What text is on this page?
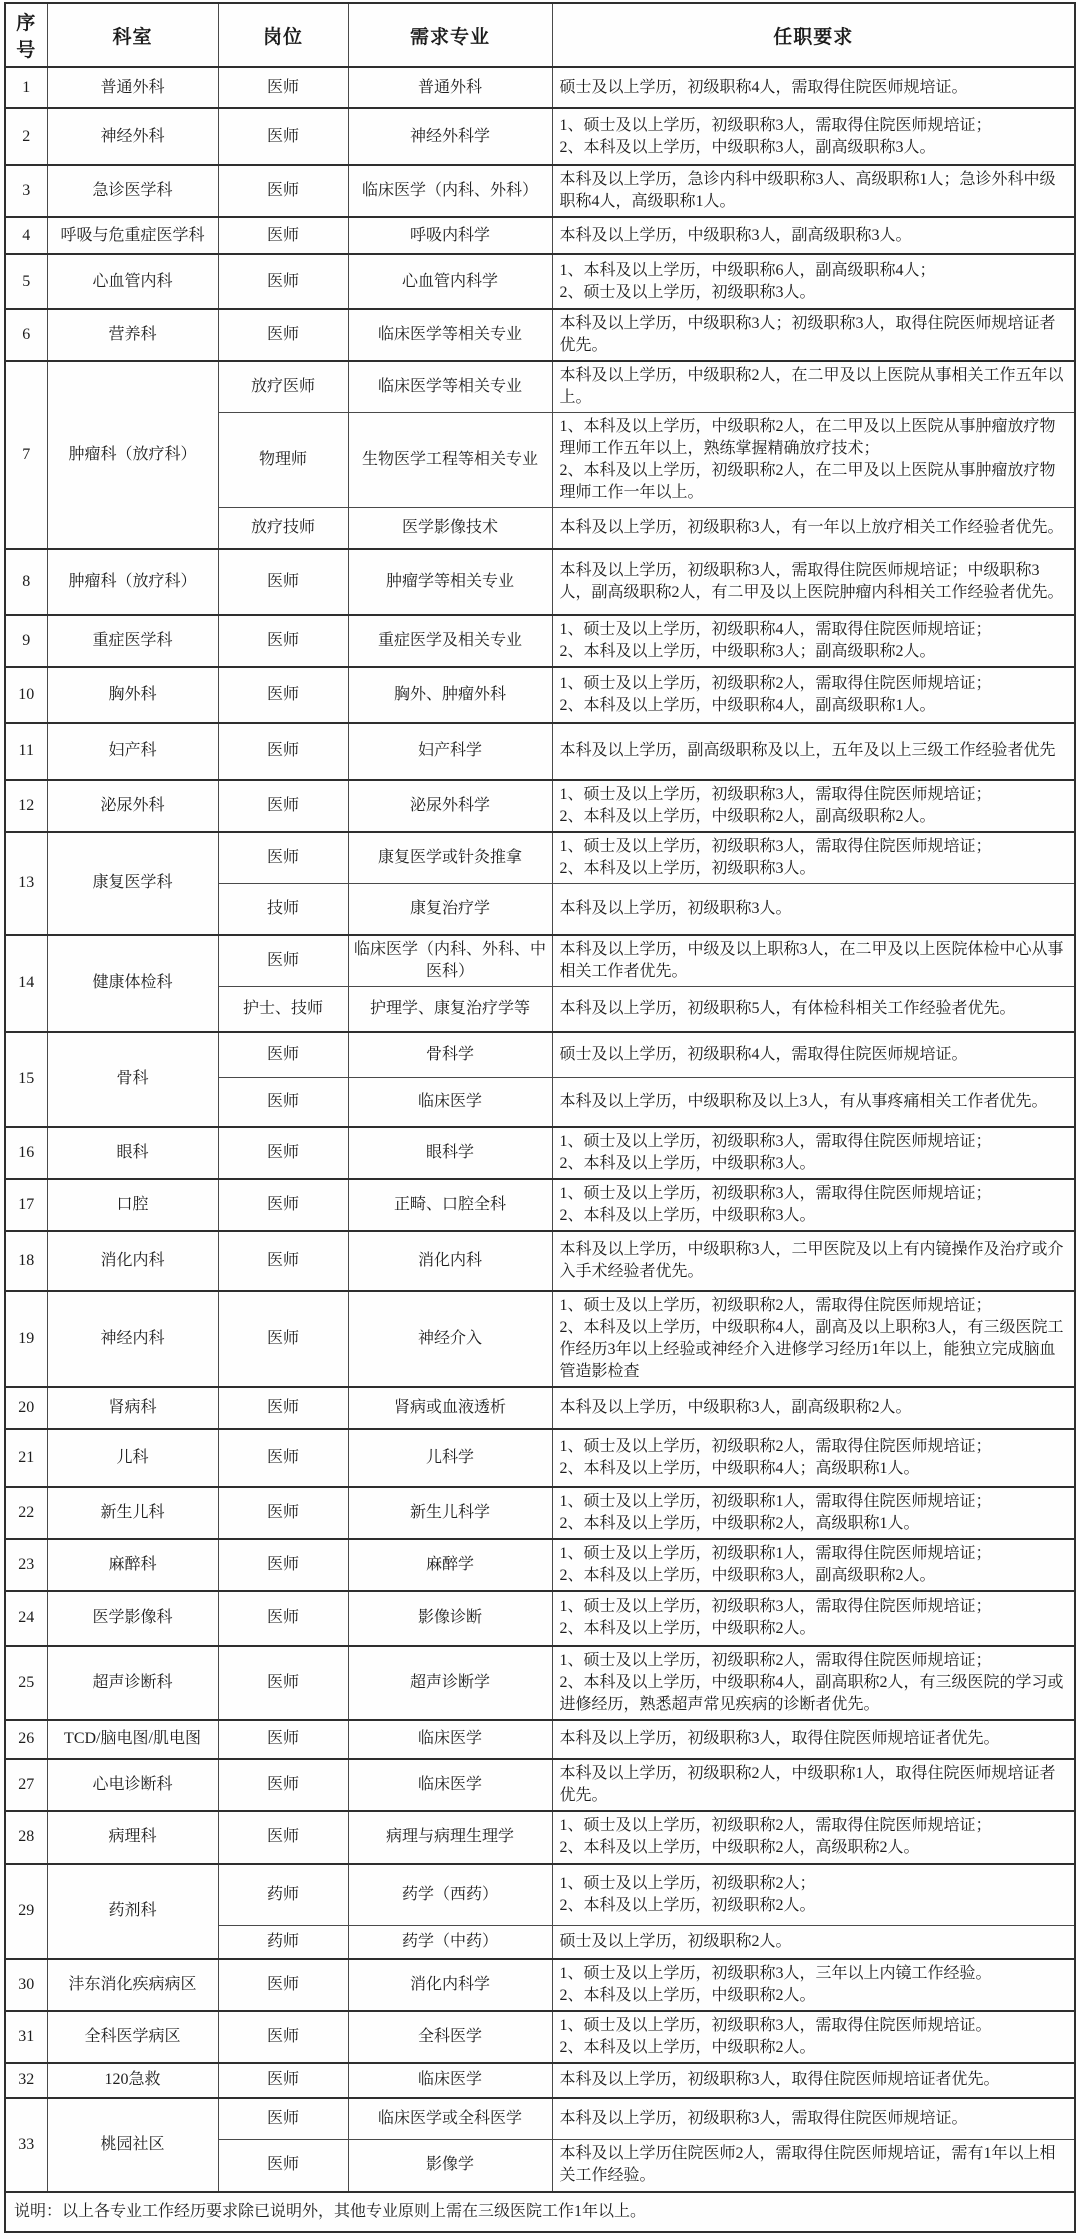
序号	科室	岗位	需求专业	任职要求
1	普通外科	医师	普通外科	硕士及以上学历，初级职称4人，需取得住院医师规培证。

2	神经外科	医师	神经外科学	1、硕士及以上学历，初级职称3人，需取得住院医师规培证；
2、本科及以上学历，中级职称3人，副高级职称3人。

3	急诊医学科	医师	临床医学（内科、外科）	本科及以上学历，急诊内科中级职称3人、高级职称1人；急诊外科中级职称4人，高级职称1人。

4	呼吸与危重症医学科	医师	呼吸内科学	本科及以上学历，中级职称3人，副高级职称3人。

5	心血管内科	医师	心血管内科学	1、本科及以上学历，中级职称6人，副高级职称4人；
2、硕士及以上学历，初级职称3人。

6	营养科	医师	临床医学等相关专业	本科及以上学历，中级职称3人；初级职称3人，取得住院医师规培证者优先。

7	肿瘤科（放疗科）	放疗医师	临床医学等相关专业	本科及以上学历，中级职称2人，在二甲及以上医院从事相关工作五年以上。

		物理师	生物医学工程等相关专业	1、本科及以上学历，中级职称2人，在二甲及以上医院从事肿瘤放疗物理师工作五年以上，熟练掌握精确放疗技术；
2、本科及以上学历，初级职称2人，在二甲及以上医院从事肿瘤放疗物理师工作一年以上。

		放疗技师	医学影像技术	本科及以上学历，初级职称3人，有一年以上放疗相关工作经验者优先。

8	肿瘤科（放疗科）	医师	肿瘤学等相关专业	本科及以上学历，初级职称3人，需取得住院医师规培证；中级职称3人，副高级职称2人，有二甲及以上医院肿瘤内科相关工作经验者优先。

9	重症医学科	医师	重症医学及相关专业	1、硕士及以上学历，初级职称4人，需取得住院医师规培证；
2、本科及以上学历，中级职称3人；副高级职称2人。

10	胸外科	医师	胸外、肿瘤外科	1、硕士及以上学历，初级职称2人，需取得住院医师规培证；
2、本科及以上学历，中级职称4人，副高级职称1人。

11	妇产科	医师	妇产科学	本科及以上学历，副高级职称及以上，五年及以上三级工作经验者优先

12	泌尿外科	医师	泌尿外科学	1、硕士及以上学历，初级职称3人，需取得住院医师规培证；
2、本科及以上学历，中级职称2人，副高级职称2人。

13	康复医学科	医师	康复医学或针灸推拿	1、硕士及以上学历，初级职称3人，需取得住院医师规培证；
2、本科及以上学历，初级职称3人。

		技师	康复治疗学	本科及以上学历，初级职称3人。

14	健康体检科	医师	临床医学（内科、外科、中医科）	本科及以上学历，中级及以上职称3人，在二甲及以上医院体检中心从事相关工作者优先。

		护士、技师	护理学、康复治疗学等	本科及以上学历，初级职称5人，有体检科相关工作经验者优先。

15	骨科	医师	骨科学	硕士及以上学历，初级职称4人，需取得住院医师规培证。

		医师	临床医学	本科及以上学历，中级职称及以上3人，有从事疼痛相关工作者优先。

16	眼科	医师	眼科学	1、硕士及以上学历，初级职称3人，需取得住院医师规培证；
2、本科及以上学历，中级职称3人。

17	口腔	医师	正畸、口腔全科	1、硕士及以上学历，初级职称3人，需取得住院医师规培证；
2、本科及以上学历，中级职称3人。

18	消化内科	医师	消化内科	本科及以上学历，中级职称3人，二甲医院及以上有内镜操作及治疗或介入手术经验者优先。

19	神经内科	医师	神经介入	1、硕士及以上学历，初级职称2人，需取得住院医师规培证；
2、本科及以上学历，中级职称4人，副高及以上职称3人，有三级医院工作经历3年以上经验或神经介入进修学习经历1年以上，能独立完成脑血管造影检查

20	肾病科	医师	肾病或血液透析	本科及以上学历，中级职称3人，副高级职称2人。

21	儿科	医师	儿科学	1、硕士及以上学历，初级职称2人，需取得住院医师规培证；
2、本科及以上学历，中级职称4人；高级职称1人。

22	新生儿科	医师	新生儿科学	1、硕士及以上学历，初级职称1人，需取得住院医师规培证；
2、本科及以上学历，中级职称2人，高级职称1人。

23	麻醉科	医师	麻醉学	1、硕士及以上学历，初级职称1人，需取得住院医师规培证；
2、本科及以上学历，中级职称3人，副高级职称2人。

24	医学影像科	医师	影像诊断	1、硕士及以上学历，初级职称3人，需取得住院医师规培证；
2、本科及以上学历，中级职称2人。

25	超声诊断科	医师	超声诊断学	1、硕士及以上学历，初级职称2人，需取得住院医师规培证；
2、本科及以上学历，中级职称4人，副高职称2人，有三级医院的学习或进修经历，熟悉超声常见疾病的诊断者优先。

26	TCD/脑电图/肌电图	医师	临床医学	本科及以上学历，初级职称3人，取得住院医师规培证者优先。

27	心电诊断科	医师	临床医学	本科及以上学历，初级职称2人，中级职称1人，取得住院医师规培证者优先。

28	病理科	医师	病理与病理生理学	1、硕士及以上学历，初级职称2人，需取得住院医师规培证；
2、本科及以上学历，中级职称2人，高级职称2人。

29	药剂科	药师	药学（西药）	1、硕士及以上学历，初级职称2人；
2、本科及以上学历，初级职称2人。

		药师	药学（中药）	硕士及以上学历，初级职称2人。

30	沣东消化疾病病区	医师	消化内科学	1、硕士及以上学历，初级职称3人，三年以上内镜工作经验。
2、本科及以上学历，中级职称2人。

31	全科医学病区	医师	全科医学	1、硕士及以上学历，初级职称3人，需取得住院医师规培证。
2、本科及以上学历，中级职称2人。

32	120急救	医师	临床医学	本科及以上学历，初级职称3人，取得住院医师规培证者优先。

33	桃园社区	医师	临床医学或全科医学	本科及以上学历，初级职称3人，需取得住院医师规培证。

		医师	影像学	本科及以上学历住院医师2人，需取得住院医师规培证，需有1年以上相关工作经验。

说明：以上各专业工作经历要求除已说明外，其他专业原则上需在三级医院工作1年以上。				
